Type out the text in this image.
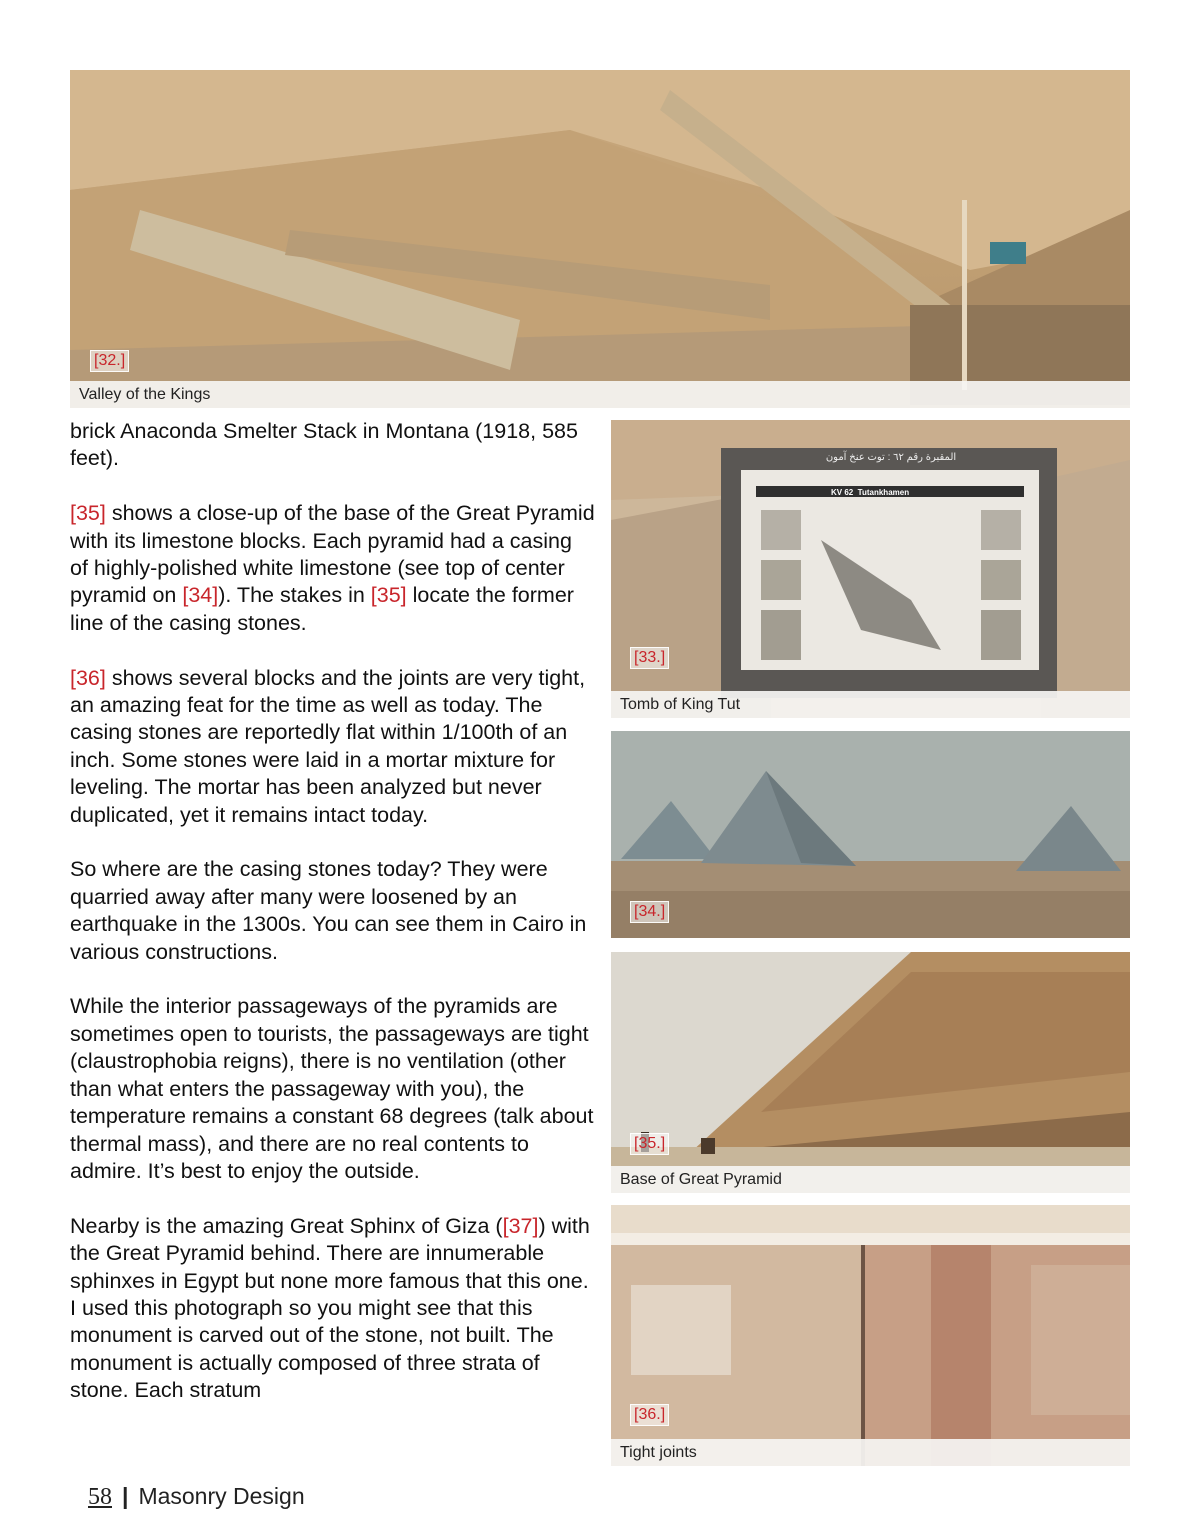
[32.]
Valley of the Kings
المقبرة رقم ٦٢ : توت عنخ آمون
KV 62  Tutankhamen
[33.]
Tomb of King Tut
[34.]
[35.]
Base of Great Pyramid
[36.]
Tight joints

brick Anaconda Smelter Stack in Montana (1918, 585 feet).

[35] shows a close-up of the base of the Great Pyramid with its limestone blocks. Each pyramid had a casing of highly-polished white limestone (see top of center pyramid on [34]). The stakes in [35] locate the former line of the casing stones.

[36] shows several blocks and the joints are very tight, an amazing feat for the time as well as today. The casing stones are reportedly flat within 1/100th of an inch. Some stones were laid in a mortar mixture for leveling. The mortar has been analyzed but never duplicated, yet it remains intact today.

So where are the casing stones today? They were quarried away after many were loosened by an earthquake in the 1300s. You can see them in Cairo in various constructions.

While the interior passageways of the pyramids are sometimes open to tourists, the passageways are tight (claustrophobia reigns), there is no ventilation (other than what enters the passageway with you), the temperature remains a constant 68 degrees (talk about thermal mass), and there are no real contents to admire. It’s best to enjoy the outside.

Nearby is the amazing Great Sphinx of Giza ([37]) with the Great Pyramid behind. There are innumerable sphinxes in Egypt but none more famous that this one. I used this photograph so you might see that this monument is carved out of the stone, not built. The monument is actually composed of three strata of stone. Each stratum

58 | Masonry Design
